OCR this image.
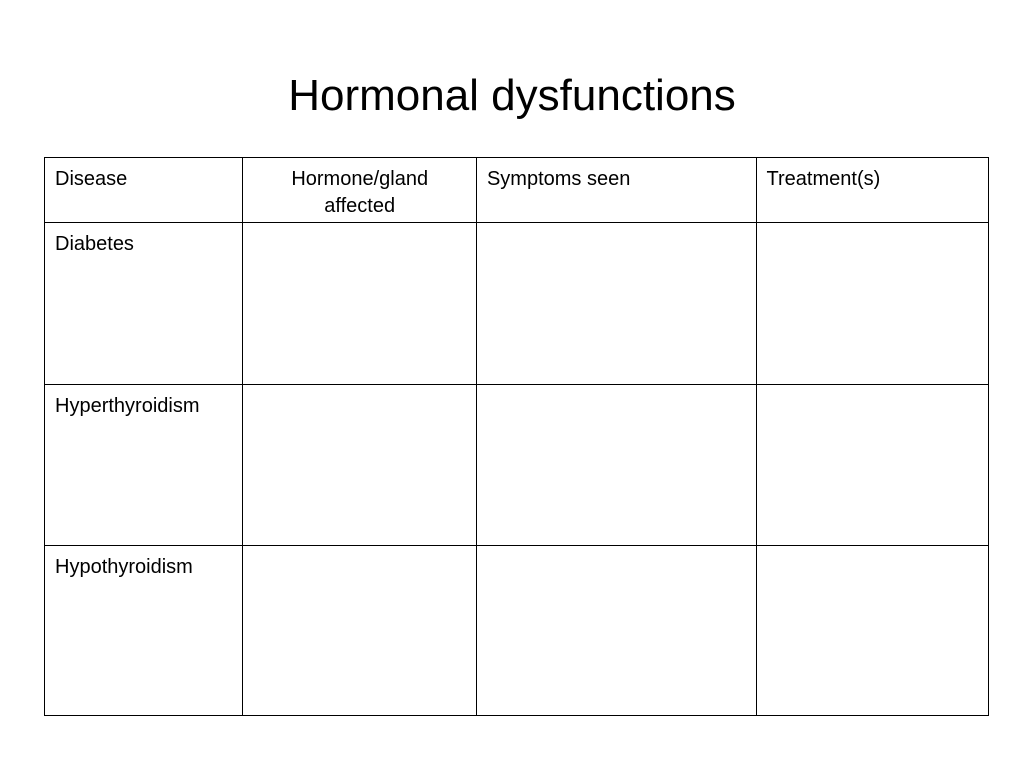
Hormonal dysfunctions
Disease	Hormone/gland affected	Symptoms seen	Treatment(s)
Diabetes			
Hyperthyroidism			
Hypothyroidism			
